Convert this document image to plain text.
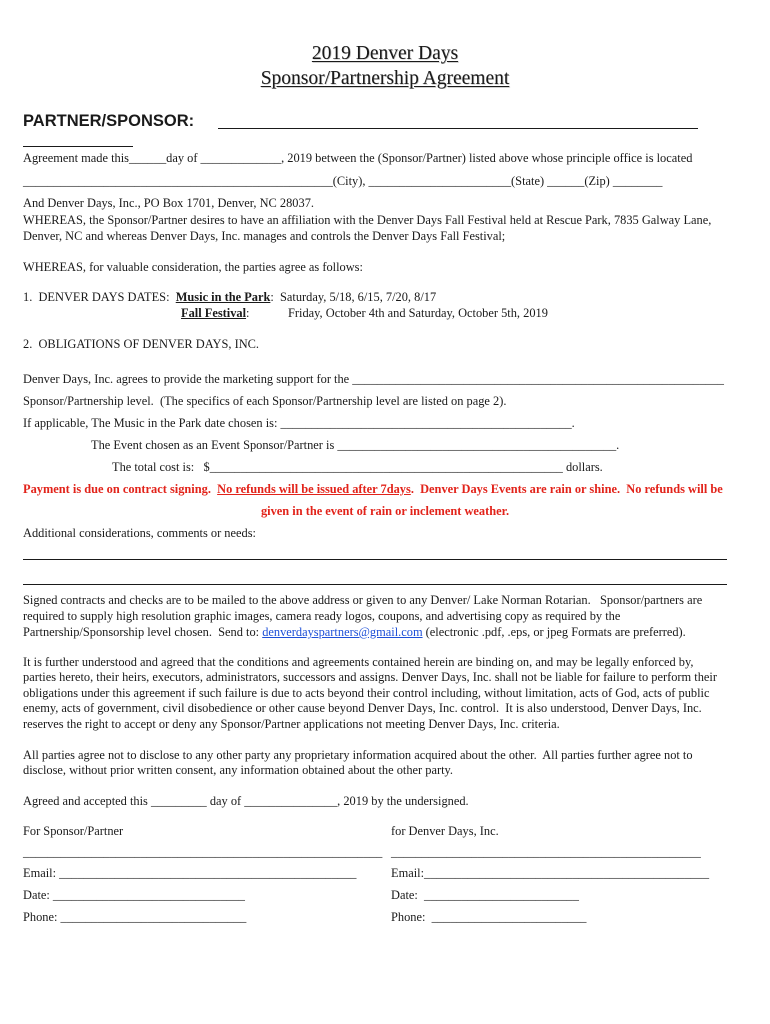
2019 Denver Days
Sponsor/Partnership Agreement
PARTNER/SPONSOR:
Agreement made this______day of _____________, 2019 between the (Sponsor/Partner) listed above whose principle office is located
__________________________________________________(City), _______________________(State) ______(Zip) ________
And Denver Days, Inc., PO Box 1701, Denver, NC 28037.
WHEREAS, the Sponsor/Partner desires to have an affiliation with the Denver Days Fall Festival held at Rescue Park, 7835 Galway Lane,
Denver, NC and whereas Denver Days, Inc. manages and controls the Denver Days Fall Festival;
WHEREAS, for valuable consideration, the parties agree as follows:
1.  DENVER DAYS DATES:  Music in the Park:  Saturday, 5/18, 6/15, 7/20, 8/17
Fall Festival:	Friday, October 4th and Saturday, October 5th, 2019
2.  OBLIGATIONS OF DENVER DAYS, INC.
Denver Days, Inc. agrees to provide the marketing support for the ____________________________________________________________
Sponsor/Partnership level.  (The specifics of each Sponsor/Partnership level are listed on page 2).
If applicable, The Music in the Park date chosen is: _______________________________________________.
The Event chosen as an Event Sponsor/Partner is _____________________________________________.
The total cost is:   $_________________________________________________________ dollars.
Payment is due on contract signing.  No refunds will be issued after 7days.  Denver Days Events are rain or shine.  No refunds will be
given in the event of rain or inclement weather.
Additional considerations, comments or needs:
Signed contracts and checks are to be mailed to the above address or given to any Denver/ Lake Norman Rotarian.   Sponsor/partners are
required to supply high resolution graphic images, camera ready logos, coupons, and advertising copy as required by the
Partnership/Sponsorship level chosen.  Send to: denverdayspartners@gmail.com (electronic .pdf, .eps, or jpeg Formats are preferred).
It is further understood and agreed that the conditions and agreements contained herein are binding on, and may be legally enforced by,
parties hereto, their heirs, executors, administrators, successors and assigns. Denver Days, Inc. shall not be liable for failure to perform their
obligations under this agreement if such failure is due to acts beyond their control including, without limitation, acts of God, acts of public
enemy, acts of government, civil disobedience or other cause beyond Denver Days, Inc. control.  It is also understood, Denver Days, Inc.
reserves the right to accept or deny any Sponsor/Partner applications not meeting Denver Days, Inc. criteria.
All parties agree not to disclose to any other party any proprietary information acquired about the other.  All parties further agree not to
disclose, without prior written consent, any information obtained about the other party.
Agreed and accepted this _________ day of _______________, 2019 by the undersigned.
For Sponsor/Partner	for Denver Days, Inc.
__________________________________________________________ __________________________________________________
Email: ________________________________________________	Email:______________________________________________
Date: _______________________________	Date:  _________________________
Phone: ______________________________	Phone:  _________________________
